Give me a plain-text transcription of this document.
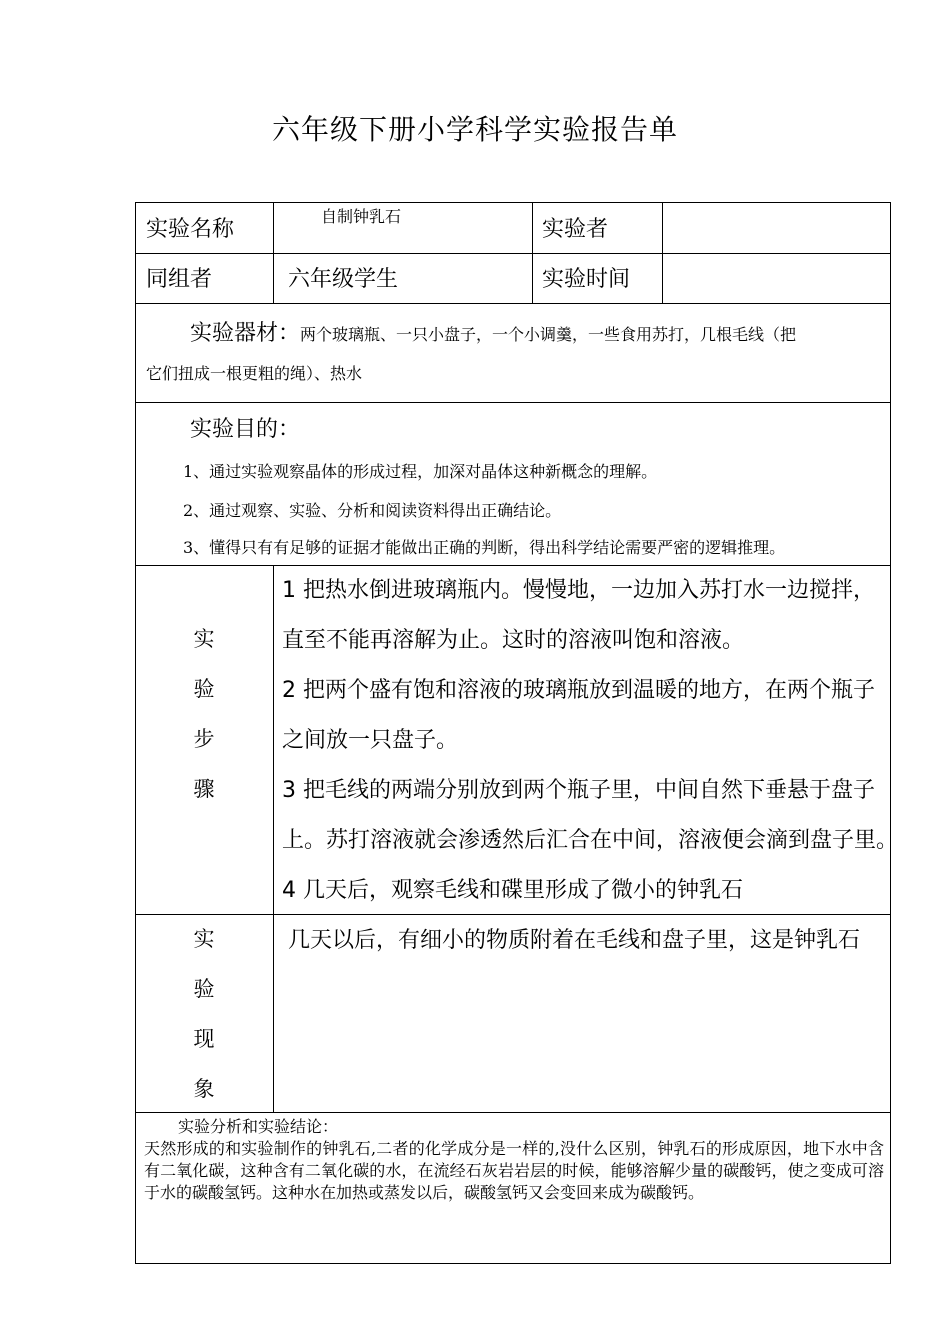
六年级下册小学科学实验报告单
实验名称
自制钟乳石
实验者
同组者	六年级学生	实验时间
实验器材：两个玻璃瓶、一只小盘子，一个小调羹，一些食用苏打，几根毛线（把
它们扭成一根更粗的绳）、热水
实验目的：
1、通过实验观察晶体的形成过程，加深对晶体这种新概念的理解。
2、通过观察、实验、分析和阅读资料得出正确结论。
3、懂得只有有足够的证据才能做出正确的判断，得出科学结论需要严密的逻辑推理。
实
验
步
骤
1 把热水倒进玻璃瓶内。慢慢地，一边加入苏打水一边搅拌，
直至不能再溶解为止。这时的溶液叫饱和溶液。
2 把两个盛有饱和溶液的玻璃瓶放到温暖的地方，在两个瓶子
之间放一只盘子。
3 把毛线的两端分别放到两个瓶子里，中间自然下垂悬于盘子
上。苏打溶液就会渗透然后汇合在中间，溶液便会滴到盘子里。
4 几天后，观察毛线和碟里形成了微小的钟乳石
实
验
现
象
几天以后，有细小的物质附着在毛线和盘子里，这是钟乳石
实验分析和实验结论：
天然形成的和实验制作的钟乳石,二者的化学成分是一样的,没什么区别，钟乳石的形成原因，地下水中含有二氧化碳，这种含有二氧化碳的水，在流经石灰岩岩层的时候，能够溶解少量的碳酸钙，使之变成可溶于水的碳酸氢钙。这种水在加热或蒸发以后，碳酸氢钙又会变回来成为碳酸钙。
